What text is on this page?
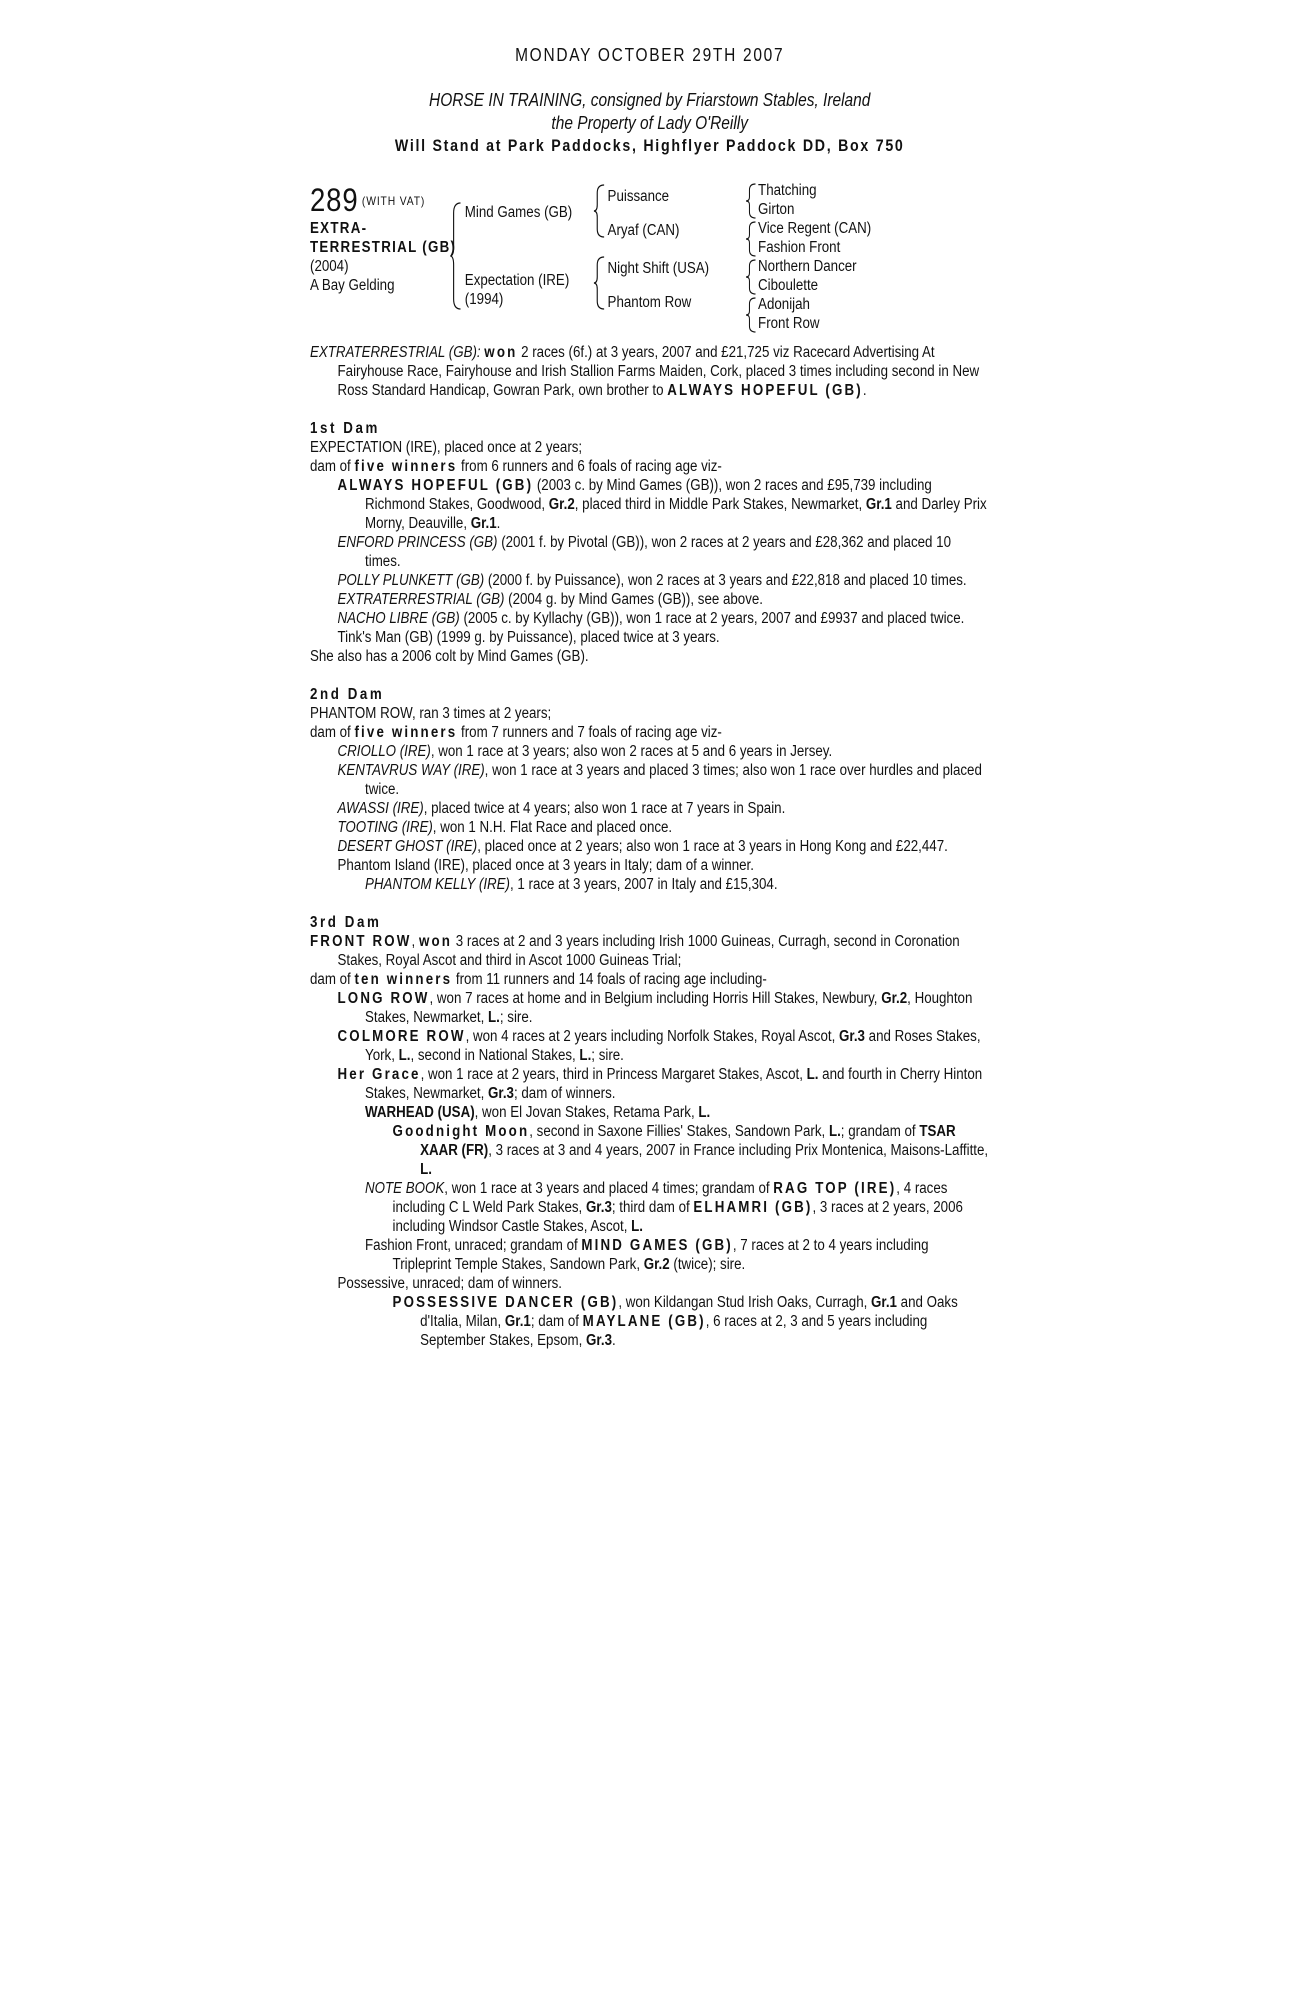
MONDAY OCTOBER 29TH 2007
HORSE IN TRAINING, consigned by Friarstown Stables, Ireland
the Property of Lady O'Reilly
Will Stand at Park Paddocks, Highflyer Paddock DD, Box 750
289 (WITH VAT)
EXTRA-
TERRESTRIAL (GB)
(2004)
A Bay Gelding
Mind Games (GB)
Expectation (IRE)
(1994)
Puissance
Aryaf (CAN)
Night Shift (USA)
Phantom Row
Thatching
Girton
Vice Regent (CAN)
Fashion Front
Northern Dancer
Ciboulette
Adonijah
Front Row

EXTRATERRESTRIAL (GB): won 2 races (6f.) at 3 years, 2007 and £21,725 viz Racecard Advertising At Fairyhouse Race, Fairyhouse and Irish Stallion Farms Maiden, Cork, placed 3 times including second in New Ross Standard Handicap, Gowran Park, own brother to ALWAYS HOPEFUL (GB).

1st Dam

EXPECTATION (IRE), placed once at 2 years;

dam of five winners from 6 runners and 6 foals of racing age viz-

ALWAYS HOPEFUL (GB) (2003 c. by Mind Games (GB)), won 2 races and £95,739 including Richmond Stakes, Goodwood, Gr.2, placed third in Middle Park Stakes, Newmarket, Gr.1 and Darley Prix Morny, Deauville, Gr.1.

ENFORD PRINCESS (GB) (2001 f. by Pivotal (GB)), won 2 races at 2 years and £28,362 and placed 10 times.

POLLY PLUNKETT (GB) (2000 f. by Puissance), won 2 races at 3 years and £22,818 and placed 10 times.

EXTRATERRESTRIAL (GB) (2004 g. by Mind Games (GB)), see above.

NACHO LIBRE (GB) (2005 c. by Kyllachy (GB)), won 1 race at 2 years, 2007 and £9937 and placed twice.

Tink's Man (GB) (1999 g. by Puissance), placed twice at 3 years.

She also has a 2006 colt by Mind Games (GB).

2nd Dam

PHANTOM ROW, ran 3 times at 2 years;

dam of five winners from 7 runners and 7 foals of racing age viz-

CRIOLLO (IRE), won 1 race at 3 years; also won 2 races at 5 and 6 years in Jersey.

KENTAVRUS WAY (IRE), won 1 race at 3 years and placed 3 times; also won 1 race over hurdles and placed twice.

AWASSI (IRE), placed twice at 4 years; also won 1 race at 7 years in Spain.

TOOTING (IRE), won 1 N.H. Flat Race and placed once.

DESERT GHOST (IRE), placed once at 2 years; also won 1 race at 3 years in Hong Kong and £22,447.

Phantom Island (IRE), placed once at 3 years in Italy; dam of a winner.

PHANTOM KELLY (IRE), 1 race at 3 years, 2007 in Italy and £15,304.

3rd Dam

FRONT ROW, won 3 races at 2 and 3 years including Irish 1000 Guineas, Curragh, second in Coronation Stakes, Royal Ascot and third in Ascot 1000 Guineas Trial;

dam of ten winners from 11 runners and 14 foals of racing age including-

LONG ROW, won 7 races at home and in Belgium including Horris Hill Stakes, Newbury, Gr.2, Houghton Stakes, Newmarket, L.; sire.

COLMORE ROW, won 4 races at 2 years including Norfolk Stakes, Royal Ascot, Gr.3 and Roses Stakes, York, L., second in National Stakes, L.; sire.

Her Grace, won 1 race at 2 years, third in Princess Margaret Stakes, Ascot, L. and fourth in Cherry Hinton Stakes, Newmarket, Gr.3; dam of winners.

WARHEAD (USA), won El Jovan Stakes, Retama Park, L.

Goodnight Moon, second in Saxone Fillies' Stakes, Sandown Park, L.; grandam of TSAR XAAR (FR), 3 races at 3 and 4 years, 2007 in France including Prix Montenica, Maisons-Laffitte, L.

NOTE BOOK, won 1 race at 3 years and placed 4 times; grandam of RAG TOP (IRE), 4 races including C L Weld Park Stakes, Gr.3; third dam of ELHAMRI (GB), 3 races at 2 years, 2006 including Windsor Castle Stakes, Ascot, L.

Fashion Front, unraced; grandam of MIND GAMES (GB), 7 races at 2 to 4 years including Tripleprint Temple Stakes, Sandown Park, Gr.2 (twice); sire.

Possessive, unraced; dam of winners.

POSSESSIVE DANCER (GB), won Kildangan Stud Irish Oaks, Curragh, Gr.1 and Oaks d'Italia, Milan, Gr.1; dam of MAYLANE (GB), 6 races at 2, 3 and 5 years including September Stakes, Epsom, Gr.3.
